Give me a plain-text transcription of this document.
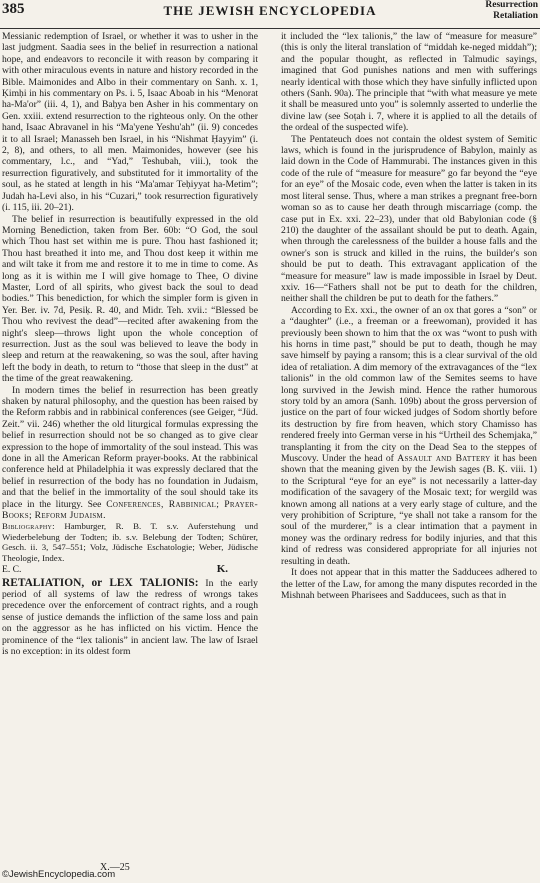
385	THE JEWISH ENCYCLOPEDIA	Resurrection
Retaliation

Messianic redemption of Israel, or whether it was to usher in the last judgment. Saadia sees in the belief in resurrection a national hope, and endeavors to reconcile it with reason by comparing it with other miraculous events in nature and history recorded in the Bible. Maimonides and Albo in their commentary on Sanh. x. 1, Ḳimḥi in his commentary on Ps. i. 5, Isaac Aboab in his “Menorat ha-Ma'or” (iii. 4, 1), and Baḥya ben Asher in his commentary on Gen. xxiii. extend resurrection to the righteous only. On the other hand, Isaac Abravanel in his “Ma'yene Yeshu'ah” (ii. 9) concedes it to all Israel; Manasseh ben Israel, in his “Nishmat Ḥayyim” (i. 2, 8), and others, to all men. Maimonides, however (see his commentary, l.c., and “Yad,” Teshubah, viii.), took the resurrection figuratively, and substituted for it immortality of the soul, as he stated at length in his “Ma'amar Teḥiyyat ha-Metim”; Judah ha-Levi also, in his “Cuzari,” took resurrection figuratively (i. 115, iii. 20–21).

The belief in resurrection is beautifully expressed in the old Morning Benediction, taken from Ber. 60b: “O God, the soul which Thou hast set within me is pure. Thou hast fashioned it; Thou hast breathed it into me, and Thou dost keep it within me and wilt take it from me and restore it to me in time to come. As long as it is within me I will give homage to Thee, O divine Master, Lord of all spirits, who givest back the soul to dead bodies.” This benediction, for which the simpler form is given in Yer. Ber. iv. 7d, Pesiḳ. R. 40, and Midr. Teh. xvii.: “Blessed be Thou who revivest the dead”—recited after awakening from the night's sleep—throws light upon the whole conception of resurrection. Just as the soul was believed to leave the body in sleep and return at the reawakening, so was the soul, after having left the body in death, to return to “those that sleep in the dust” at the time of the great reawakening.

In modern times the belief in resurrection has been greatly shaken by natural philosophy, and the question has been raised by the Reform rabbis and in rabbinical conferences (see Geiger, “Jüd. Zeit.” vii. 246) whether the old liturgical formulas expressing the belief in resurrection should not be so changed as to give clear expression to the hope of immortality of the soul instead. This was done in all the American Reform prayer-books. At the rabbinical conference held at Philadelphia it was expressly declared that the belief in resurrection of the body has no foundation in Judaism, and that the belief in the immortality of the soul should take its place in the liturgy. See Conferences, Rabbinical; Prayer-Books; Reform Judaism.

Bibliography: Hamburger, R. B. T. s.v. Auferstehung und Wiederbelebung der Todten; ib. s.v. Belebung der Todten; Schürer, Gesch. ii. 3, 547–551; Volz, Jüdische Eschatologie; Weber, Jüdische Theologie, Index.

E. C.	K.

RETALIATION, or LEX TALIONIS: In the early period of all systems of law the redress of wrongs takes precedence over the enforcement of contract rights, and a rough sense of justice demands the infliction of the same loss and pain on the aggressor as he has inflicted on his victim. Hence the prominence of the “lex talionis” in ancient law. The law of Israel is no exception: in its oldest form

it included the “lex talionis,” the law of “measure for measure” (this is only the literal translation of “middah ke-neged middah”); and the popular thought, as reflected in Talmudic sayings, imagined that God punishes nations and men with sufferings nearly identical with those which they have sinfully inflicted upon others (Sanh. 90a). The principle that “with what measure ye mete it shall be measured unto you” is solemnly asserted to underlie the divine law (see Soṭah i. 7, where it is applied to all the details of the ordeal of the suspected wife).

The Pentateuch does not contain the oldest system of Semitic laws, which is found in the jurisprudence of Babylon, mainly as laid down in the Code of Hammurabi. The instances given in this code of the rule of “measure for measure” go far beyond the “eye for an eye” of the Mosaic code, even when the latter is taken in its most literal sense. Thus, where a man strikes a pregnant free-born woman so as to cause her death through miscarriage (comp. the case put in Ex. xxi. 22–23), under that old Babylonian code (§ 210) the daughter of the assailant should be put to death. Again, when through the carelessness of the builder a house falls and the owner's son is struck and killed in the ruins, the builder's son should be put to death. This extravagant application of the “measure for measure” law is made impossible in Israel by Deut. xxiv. 16—“Fathers shall not be put to death for the children, neither shall the children be put to death for the fathers.”

According to Ex. xxi., the owner of an ox that gores a “son” or a “daughter” (i.e., a freeman or a freewoman), provided it has previously been shown to him that the ox was “wont to push with his horns in time past,” should be put to death, though he may save himself by paying a ransom; this is a clear survival of the old idea of retaliation. A dim memory of the extravagances of the “lex talionis” in the old common law of the Semites seems to have long survived in the Jewish mind. Hence the rather humorous story told by an amora (Sanh. 109b) about the gross perversion of justice on the part of four wicked judges of Sodom shortly before its destruction by fire from heaven, which story Chamisso has rendered freely into German verse in his “Urtheil des Schemjaka,” transplanting it from the city on the Dead Sea to the steppes of Muscovy. Under the head of Assault and Battery it has been shown that the meaning given by the Jewish sages (B. Ḳ. viii. 1) to the Scriptural “eye for an eye” is not necessarily a latter-day modification of the savagery of the Mosaic text; for wergild was known among all nations at a very early stage of culture, and the very prohibition of Scripture, “ye shall not take a ransom for the soul of the murderer,” is a clear intimation that a payment in money was the ordinary redress for bodily injuries, and that this kind of redress was considered appropriate for all injuries not resulting in death.

It does not appear that in this matter the Sadducees adhered to the letter of the Law, for among the many disputes recorded in the Mishnah between Pharisees and Sadducees, such as that in

X.—25
©JewishEncyclopedia.com
